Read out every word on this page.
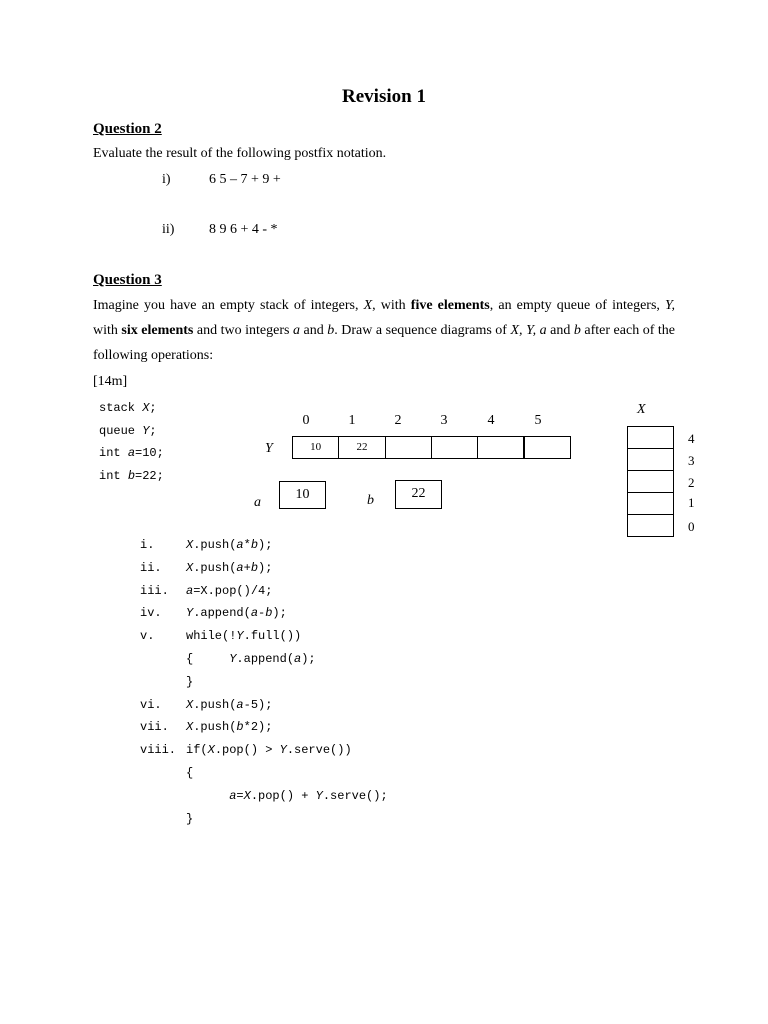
Revision 1
Question 2
Evaluate the result of the following postfix notation.
i)	6 5 – 7 + 9 +
ii) 8 9 6 + 4 - *
Question 3
Imagine you have an empty stack of integers, X, with five elements, an empty queue of integers, Y, with six elements and two integers a and b. Draw a sequence diagrams of X, Y, a and b after each of the following operations:
[14m]
stack X;
queue Y;
int a=10;
int b=22;
Y
0	1	2	3	4	5
10	22
a
10	b	22
X
4
3
2
1
0
i.	X.push(a*b);
ii. X.push(a+b);
iii. a=X.pop()/4;
iv. Y.append(a-b);
v.	while(!Y.full())
{     Y.append(a);
}
vi. X.push(a-5);
vii. X.push(b*2);
viii. if(X.pop() > Y.serve())
{
a=X.pop() + Y.serve();
}
